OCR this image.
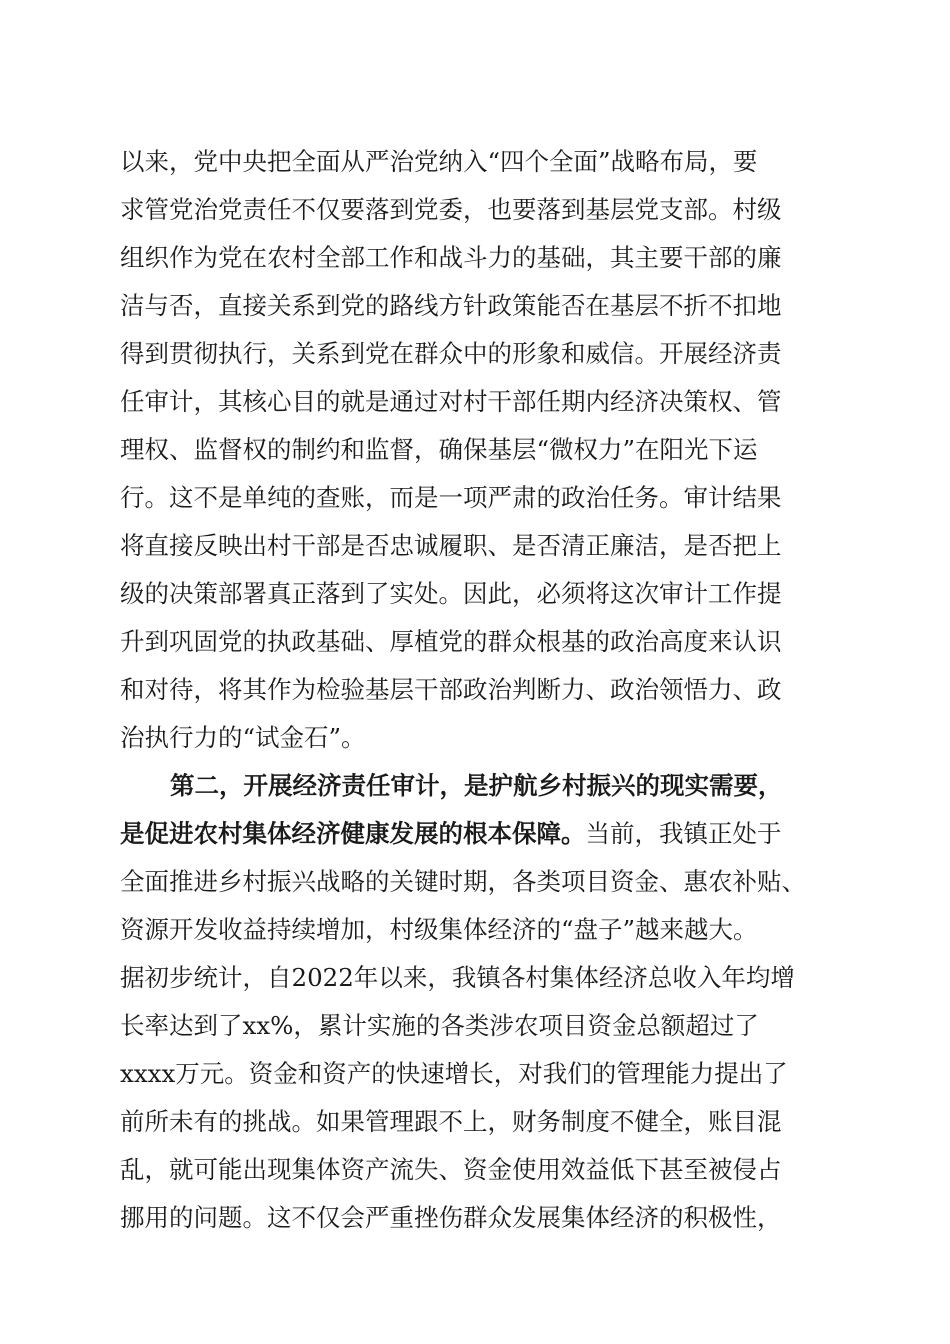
以来，党中央把全面从严治党纳入“四个全面”战略布局，要
求管党治党责任不仅要落到党委，也要落到基层党支部。村级
组织作为党在农村全部工作和战斗力的基础，其主要干部的廉
洁与否，直接关系到党的路线方针政策能否在基层不折不扣地
得到贯彻执行，关系到党在群众中的形象和威信。开展经济责
任审计，其核心目的就是通过对村干部任期内经济决策权、管
理权、监督权的制约和监督，确保基层“微权力”在阳光下运
行。这不是单纯的查账，而是一项严肃的政治任务。审计结果
将直接反映出村干部是否忠诚履职、是否清正廉洁，是否把上
级的决策部署真正落到了实处。因此，必须将这次审计工作提
升到巩固党的执政基础、厚植党的群众根基的政治高度来认识
和对待，将其作为检验基层干部政治判断力、政治领悟力、政
治执行力的“试金石”。
第二，开展经济责任审计，是护航乡村振兴的现实需要，
是促进农村集体经济健康发展的根本保障。当前，我镇正处于
全面推进乡村振兴战略的关键时期，各类项目资金、惠农补贴、
资源开发收益持续增加，村级集体经济的“盘子”越来越大。
据初步统计，自2022年以来，我镇各村集体经济总收入年均增
长率达到了xx%，累计实施的各类涉农项目资金总额超过了
xxxx万元。资金和资产的快速增长，对我们的管理能力提出了
前所未有的挑战。如果管理跟不上，财务制度不健全，账目混
乱，就可能出现集体资产流失、资金使用效益低下甚至被侵占
挪用的问题。这不仅会严重挫伤群众发展集体经济的积极性，
